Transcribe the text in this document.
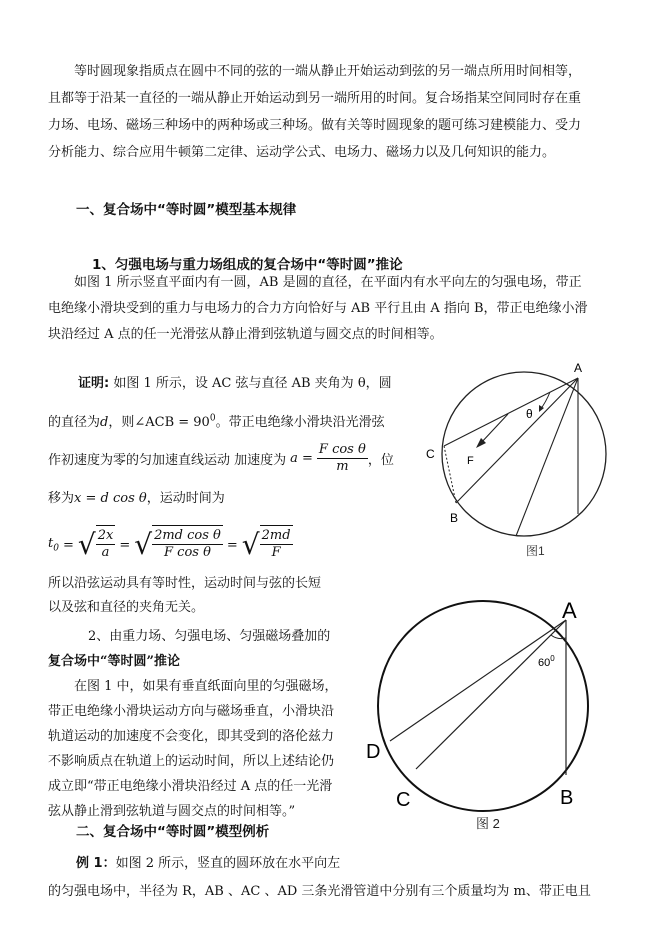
等时圆现象指质点在圆中不同的弦的一端从静止开始运动到弦的另一端点所用时间相等，
且都等于沿某一直径的一端从静止开始运动到另一端所用的时间。复合场指某空间同时存在重
力场、电场、磁场三种场中的两种场或三种场。做有关等时圆现象的题可练习建模能力、受力
分析能力、综合应用牛顿第二定律、运动学公式、电场力、磁场力以及几何知识的能力。
一、复合场中“等时圆”模型基本规律
1、匀强电场与重力场组成的复合场中“等时圆”推论
如图 1 所示竖直平面内有一圆，AB 是圆的直径，在平面内有水平向左的匀强电场，带正
电绝缘小滑块受到的重力与电场力的合力方向恰好与 AB 平行且由 A 指向 B，带正电绝缘小滑
块沿经过 A 点的任一光滑弦从静止滑到弦轨道与圆交点的时间相等。
证明: 如图 1 所示，设 AC 弦与直径 AB 夹角为 θ，圆
的直径为d，则∠ACB = $90^0$。带正电绝缘小滑块沿光滑弦
作初速度为零的匀加速直线运动 加速度为 $a = \frac{\text{F cos θ}}{m}$ ，位
移为x = d cos θ，运动时间为
$t_0$ = √ $\frac{2x}{a}$ = √ $\frac{\text{2md cos θ}}{\text{F cos θ}}$ = √ $\frac{2md}{F}$
所以沿弦运动具有等时性，运动时间与弦的长短
以及弦和直径的夹角无关。
2、由重力场、匀强电场、匀强磁场叠加的
复合场中“等时圆”推论
在图 1 中，如果有垂直纸面向里的匀强磁场，
带正电绝缘小滑块运动方向与磁场垂直，小滑块沿
轨道运动的加速度不会变化，即其受到的洛伦兹力
不影响质点在轨道上的运动时间，所以上述结论仍
成立即“带正电绝缘小滑块沿经过 A 点的任一光滑
弦从静止滑到弦轨道与圆交点的时间相等。”
二、复合场中“等时圆”模型例析
例 1：如图 2 所示，竖直的圆环放在水平向左
的匀强电场中，半径为 R，AB 、AC 、AD 三条光滑管道中分别有三个质量均为 m、带正电且
A
C
B
F
θ
图1
A
$60^0$
D
C	B
图 2
